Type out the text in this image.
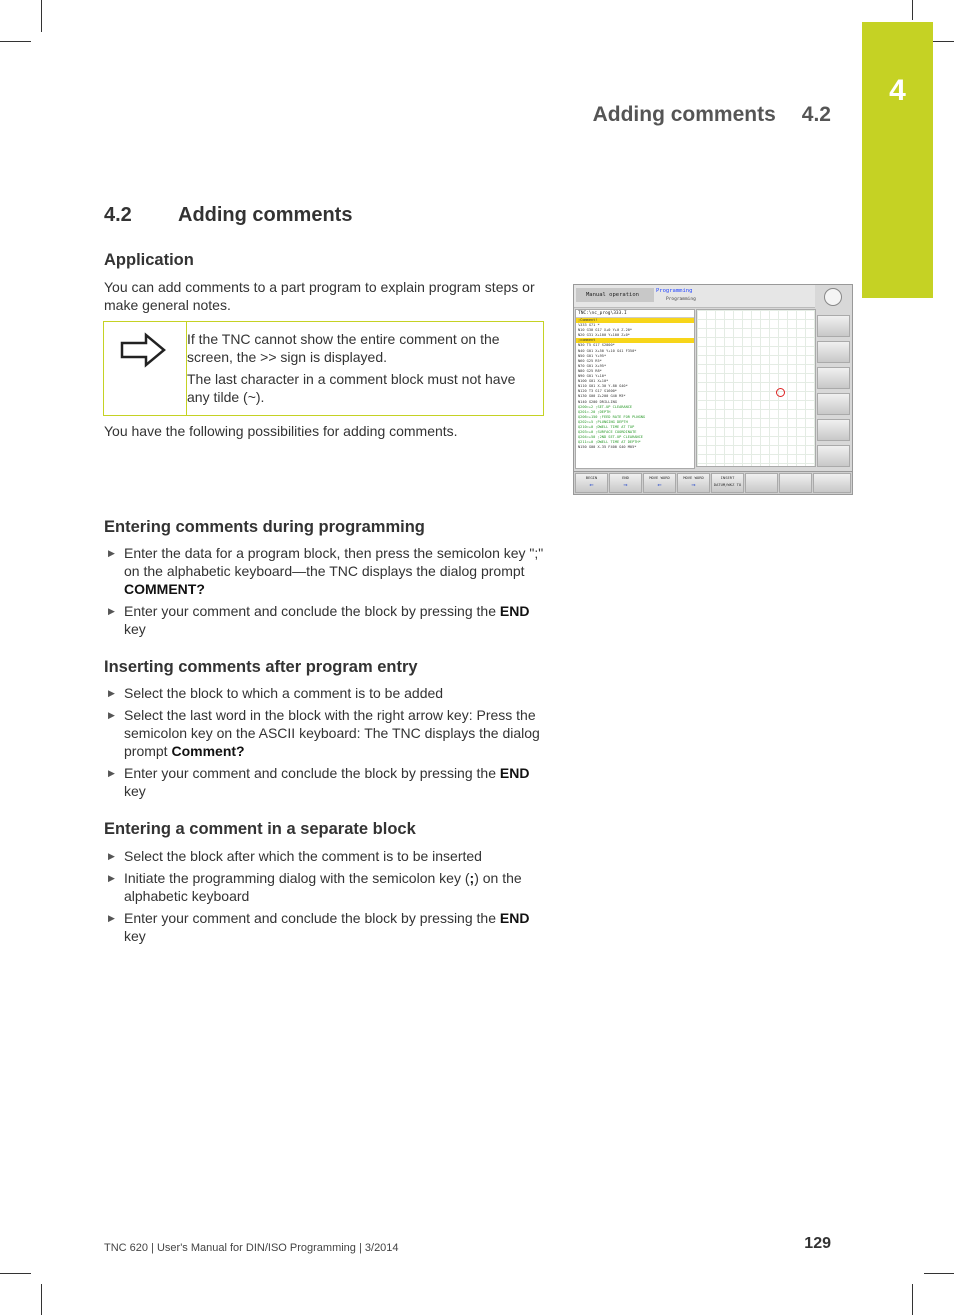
4
Adding comments 4.2
4.2 Adding comments
Application

You can add comments to a part program to explain program steps or make general notes.

If the TNC cannot show the entire comment on the screen, the >> sign is displayed.

The last character in a comment block must not have any tilde (~).

You have the following possibilities for adding comments.

Manual operation
Programming
Programming
TNC:\nc_prog\333.I
;Comment!
%333 G71 *
N10 G30 G17 X+0 Y+0 Z-20*
N20 G31 X+100 Y+100 Z+0*
;comment
N30 T5 G17 S2000*
N40 G01 X+50 Y+10 G41 F350*
N50 G01 Y+95*
N60 G25 R5*
N70 G01 X+95*
N80 G25 R8*
N90 G01 Y+10*
N100 G01 X+10*
N110 G01 X-30 Y-80 G40*
N120 T3 G17 S1600*
N130 G00 Z+200 G40 M3*
N140 G200 DRILLING
Q200=+2 ;SET-UP CLEARANCE
Q201=-20 ;DEPTH
Q206=+150 ;FEED RATE FOR PLNGNG
Q202=+5 ;PLUNGING DEPTH
Q210=+0 ;DWELL TIME AT TOP
Q203=+0 ;SURFACE COORDINATE
Q204=+50 ;2ND SET-UP CLEARANCE
Q211=+0 ;DWELL TIME AT DEPTH*
N150 G00 X-35 F400 G40 M05*
BEGIN
⇐
END
⇒
MOVE WORD
⇐
MOVE WORD
⇒
INSERT
DATUM/WKZ TO
Entering comments during programming
▶ Enter the data for a program block, then press the semicolon key ";" on the alphabetic keyboard—the TNC displays the dialog prompt COMMENT?
▶ Enter your comment and conclude the block by pressing the END key
Inserting comments after program entry
▶ Select the block to which a comment is to be added
▶ Select the last word in the block with the right arrow key: Press the semicolon key on the ASCII keyboard: The TNC displays the dialog prompt Comment?
▶ Enter your comment and conclude the block by pressing the END key
Entering a comment in a separate block
▶ Select the block after which the comment is to be inserted
▶ Initiate the programming dialog with the semicolon key (;) on the alphabetic keyboard
▶ Enter your comment and conclude the block by pressing the END key
TNC 620 | User's Manual for DIN/ISO Programming | 3/2014	129
